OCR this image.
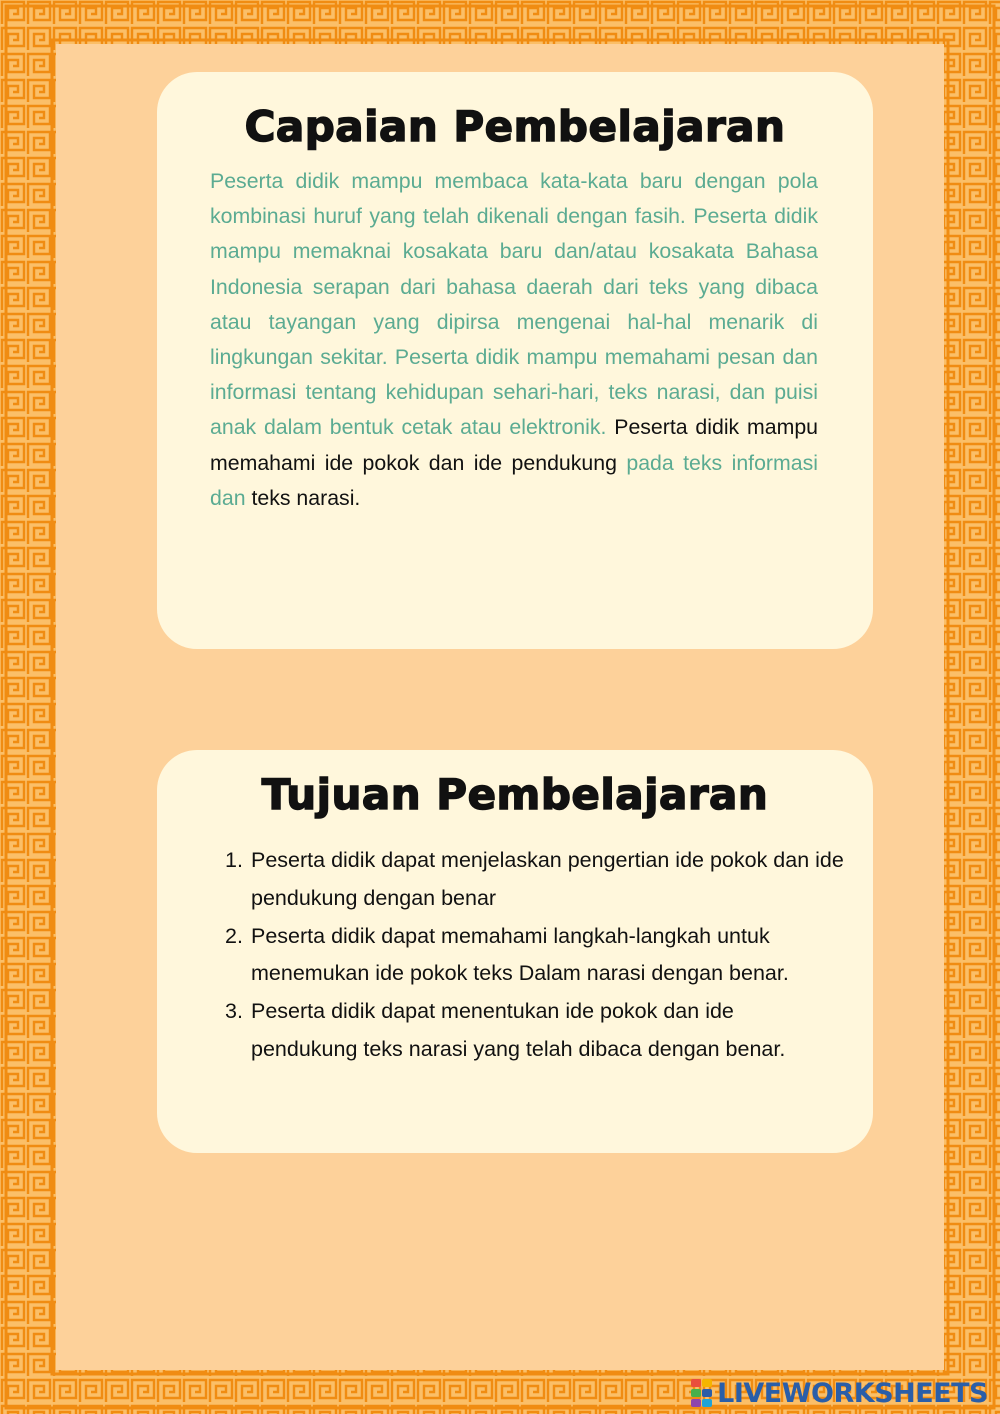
Capaian Pembelajaran

Peserta didik mampu membaca kata-kata baru dengan pola kombinasi huruf yang telah dikenali dengan fasih. Peserta didik mampu memaknai kosakata baru dan/atau kosakata Bahasa Indonesia serapan dari bahasa daerah dari teks yang dibaca atau tayangan yang dipirsa mengenai hal-hal menarik di lingkungan sekitar. Peserta didik mampu memahami pesan dan informasi tentang kehidupan sehari-hari, teks narasi, dan puisi anak dalam bentuk cetak atau elektronik. Peserta didik mampu memahami ide pokok dan ide pendukung pada teks informasi dan teks narasi.

Tujuan Pembelajaran
1. Peserta didik dapat menjelaskan pengertian ide pokok dan ide pendukung dengan benar
2. Peserta didik dapat memahami langkah-langkah untuk menemukan ide pokok teks Dalam narasi dengan benar.
3. Peserta didik dapat menentukan ide pokok dan ide pendukung teks narasi yang telah dibaca dengan benar.
LIVEWORKSHEETS
